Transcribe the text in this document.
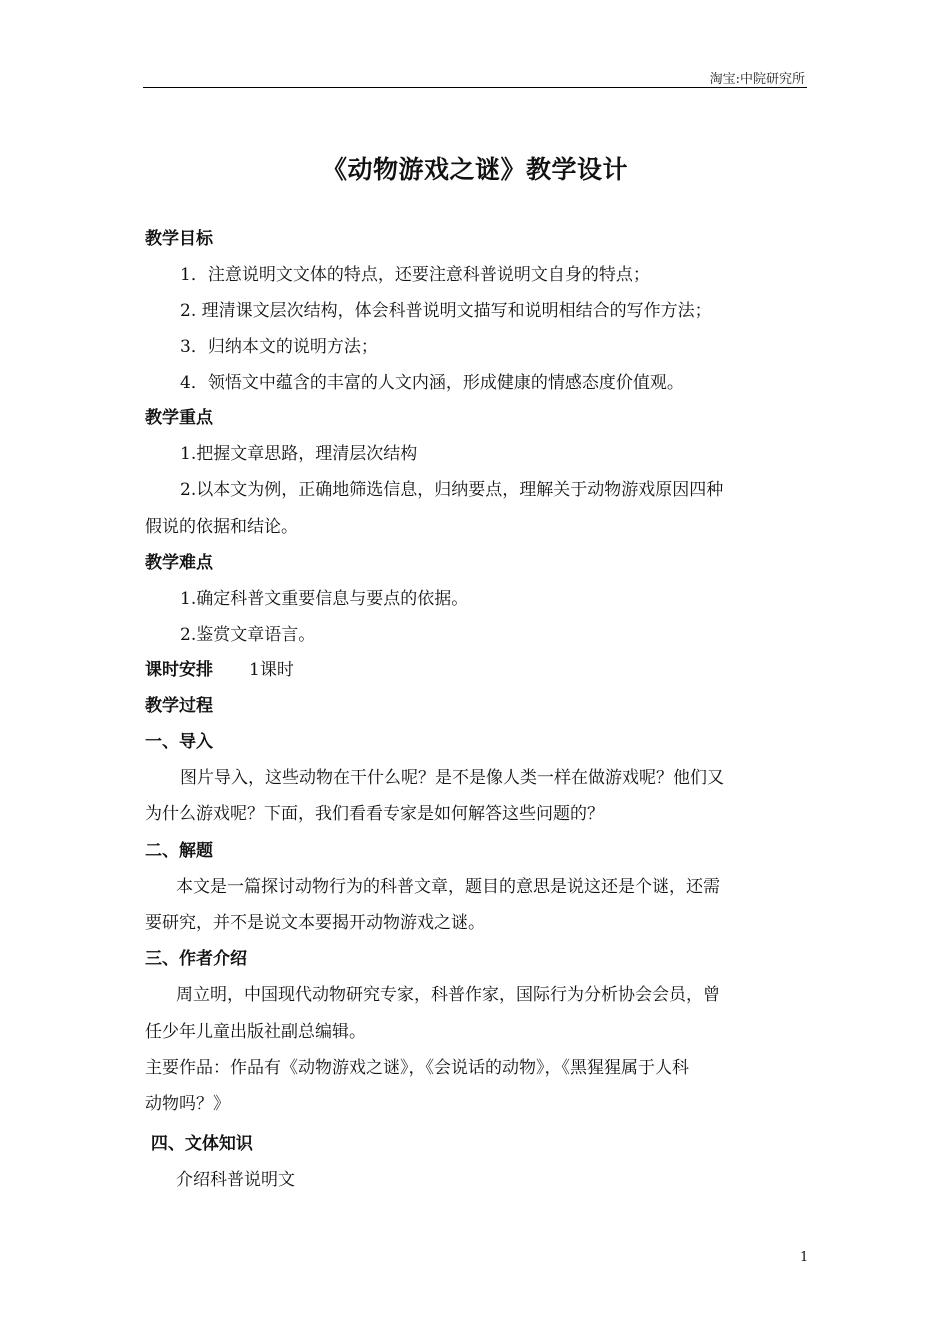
淘宝:中院研究所
《动物游戏之谜》教学设计
教学目标
1．注意说明文文体的特点，还要注意科普说明文自身的特点；
2. 理清课文层次结构，体会科普说明文描写和说明相结合的写作方法；
3．归纳本文的说明方法；
4．领悟文中蕴含的丰富的人文内涵，形成健康的情感态度价值观。
教学重点
1.把握文章思路，理清层次结构
2.以本文为例，正确地筛选信息，归纳要点，理解关于动物游戏原因四种
假说的依据和结论。
教学难点
1.确定科普文重要信息与要点的依据。
2.鉴赏文章语言。
课时安排 1课时
教学过程
一、导入
图片导入，这些动物在干什么呢？是不是像人类一样在做游戏呢？他们又
为什么游戏呢？下面，我们看看专家是如何解答这些问题的？
二、解题
本文是一篇探讨动物行为的科普文章，题目的意思是说这还是个谜，还需
要研究，并不是说文本要揭开动物游戏之谜。
三、作者介绍
周立明，中国现代动物研究专家，科普作家，国际行为分析协会会员，曾
任少年儿童出版社副总编辑。
主要作品：作品有《动物游戏之谜》，《会说话的动物》，《黑猩猩属于人科
动物吗？》
四、文体知识
介绍科普说明文
1
